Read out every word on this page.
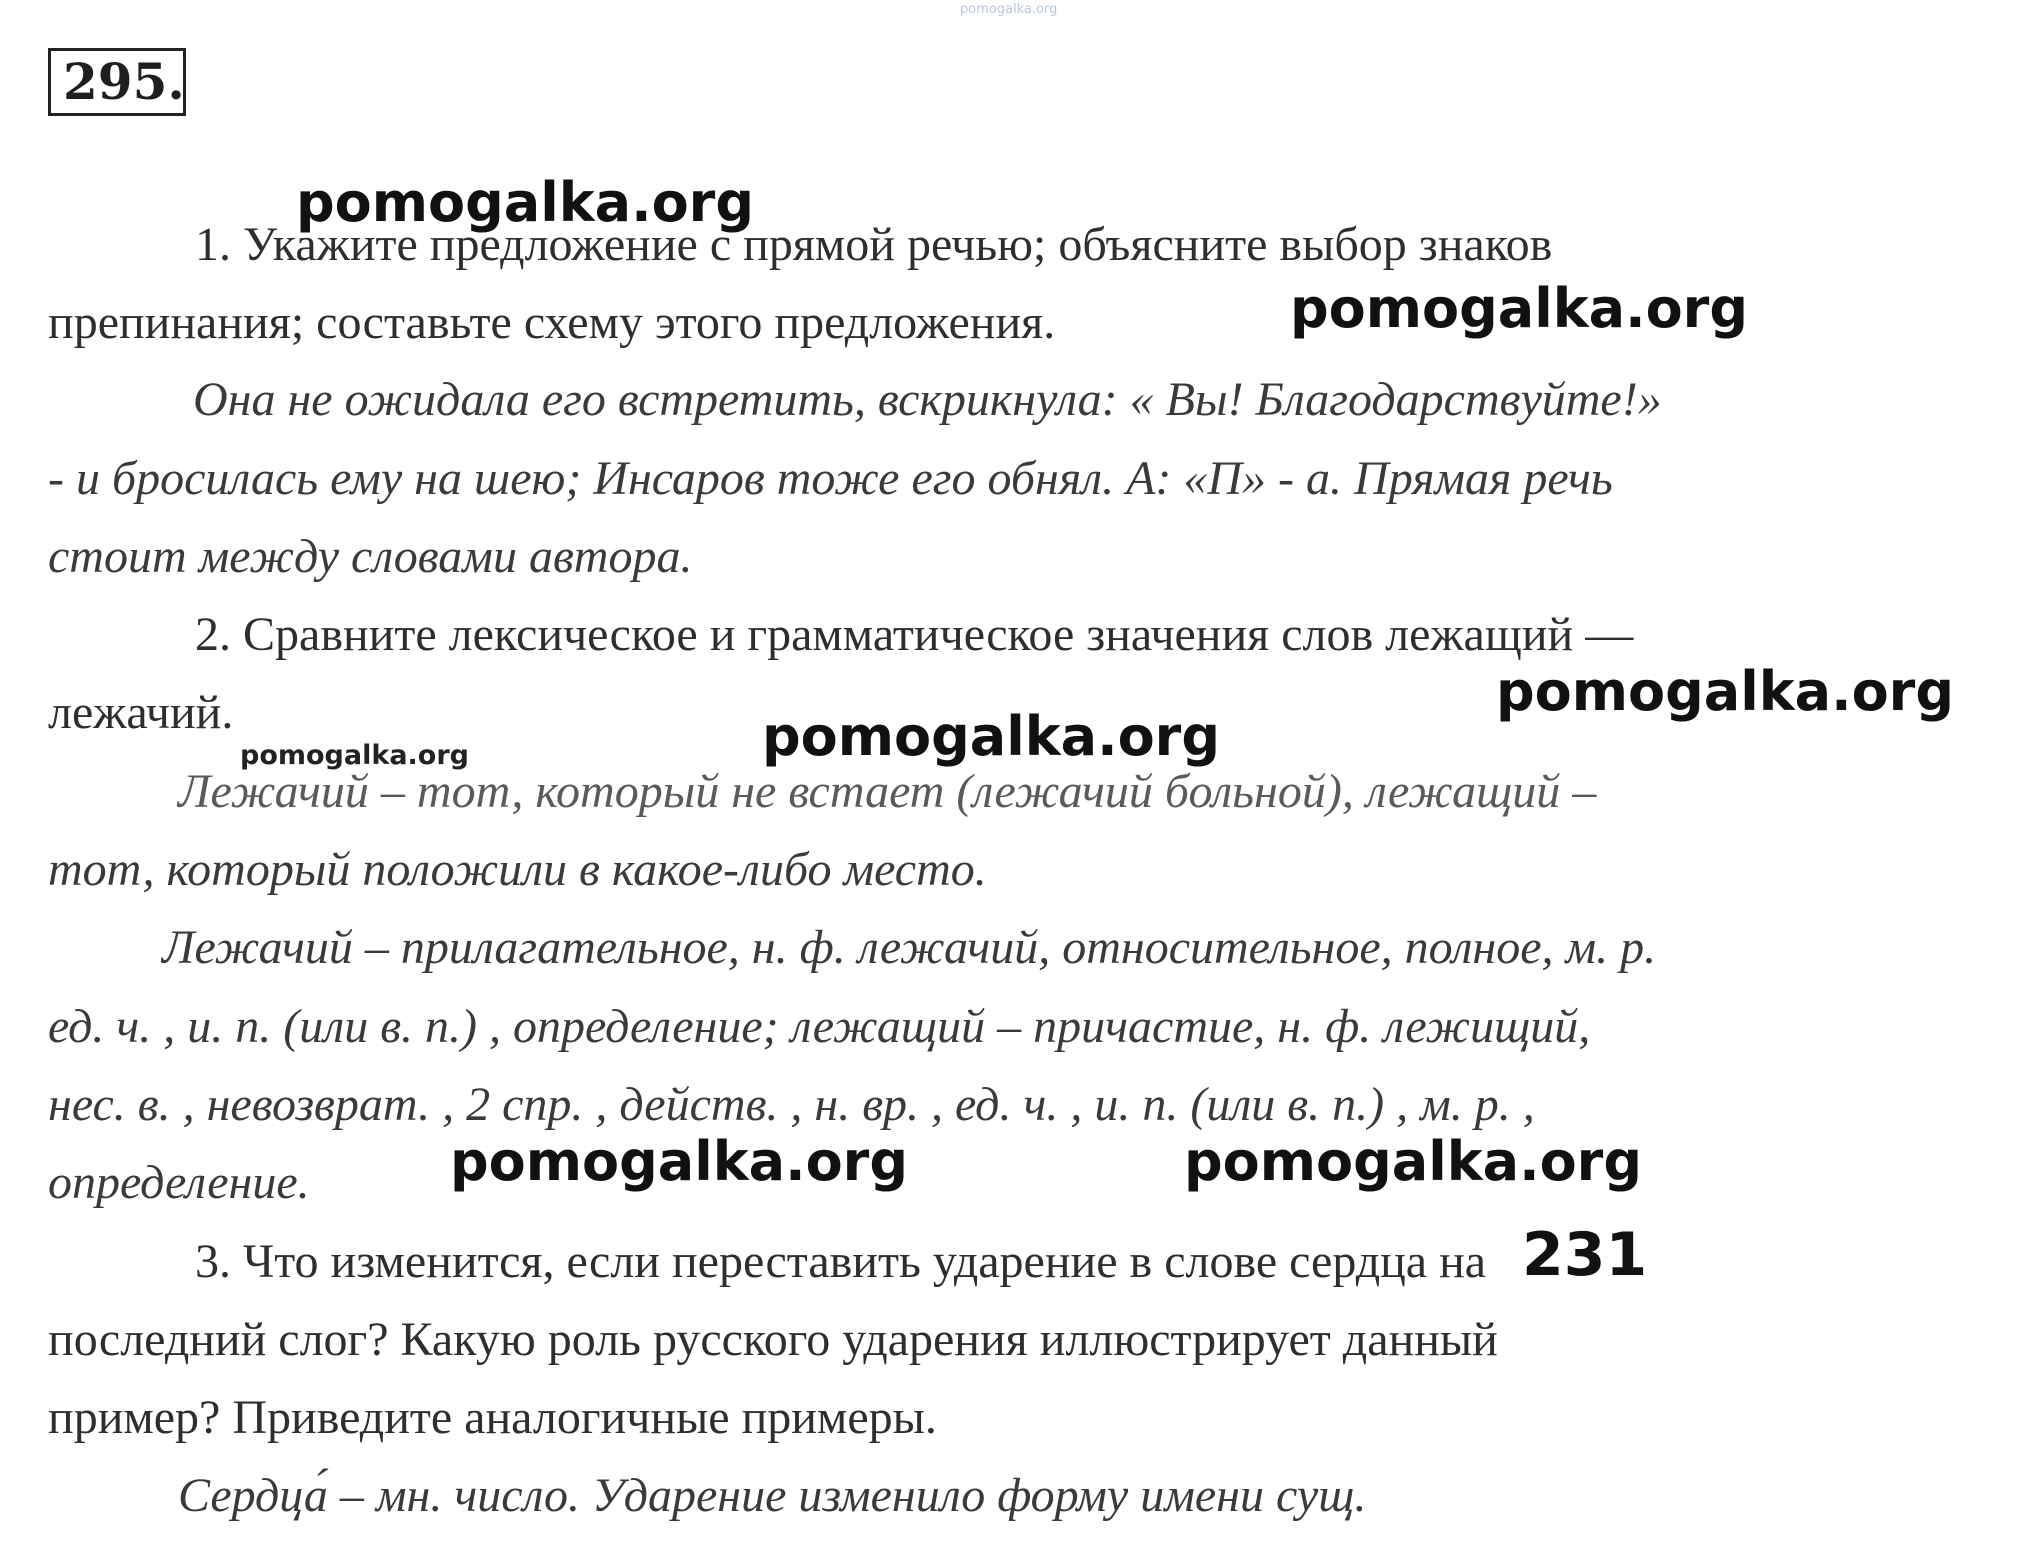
pomogalka.org
295.
1. Укажите предложение с прямой речью; объясните выбор знаков
препинания; составьте схему этого предложения.
Она не ожидала его встретить, вскрикнула: « Вы! Благодарствуйте!»
- и бросилась ему на шею; Инсаров тоже его обнял. А: «П» - а. Прямая речь
стоит между словами автора.
2. Сравните лексическое и грамматическое значения слов лежащий —
лежачий.
Лежачий – тот, который не встает (лежачий больной), лежащий –
тот, который положили в какое-либо место.
Лежачий – прилагательное, н. ф. лежачий, относительное, полное, м. р.
ед. ч. , и. п. (или в. п.) , определение; лежащий – причастие, н. ф. лежищий,
нес. в. , невозврат. , 2 спр. , действ. , н. вр. , ед. ч. , и. п. (или в. п.) , м. р. ,
определение.
3. Что изменится, если переставить ударение в слове сердца на
последний слог? Какую роль русского ударения иллюстрирует данный
пример? Приведите аналогичные примеры.
Сердца́ – мн. число. Ударение изменило форму имени сущ.
pomogalka.org
pomogalka.org
pomogalka.org
pomogalka.org
pomogalka.org
pomogalka.org	pomogalka.org
231
